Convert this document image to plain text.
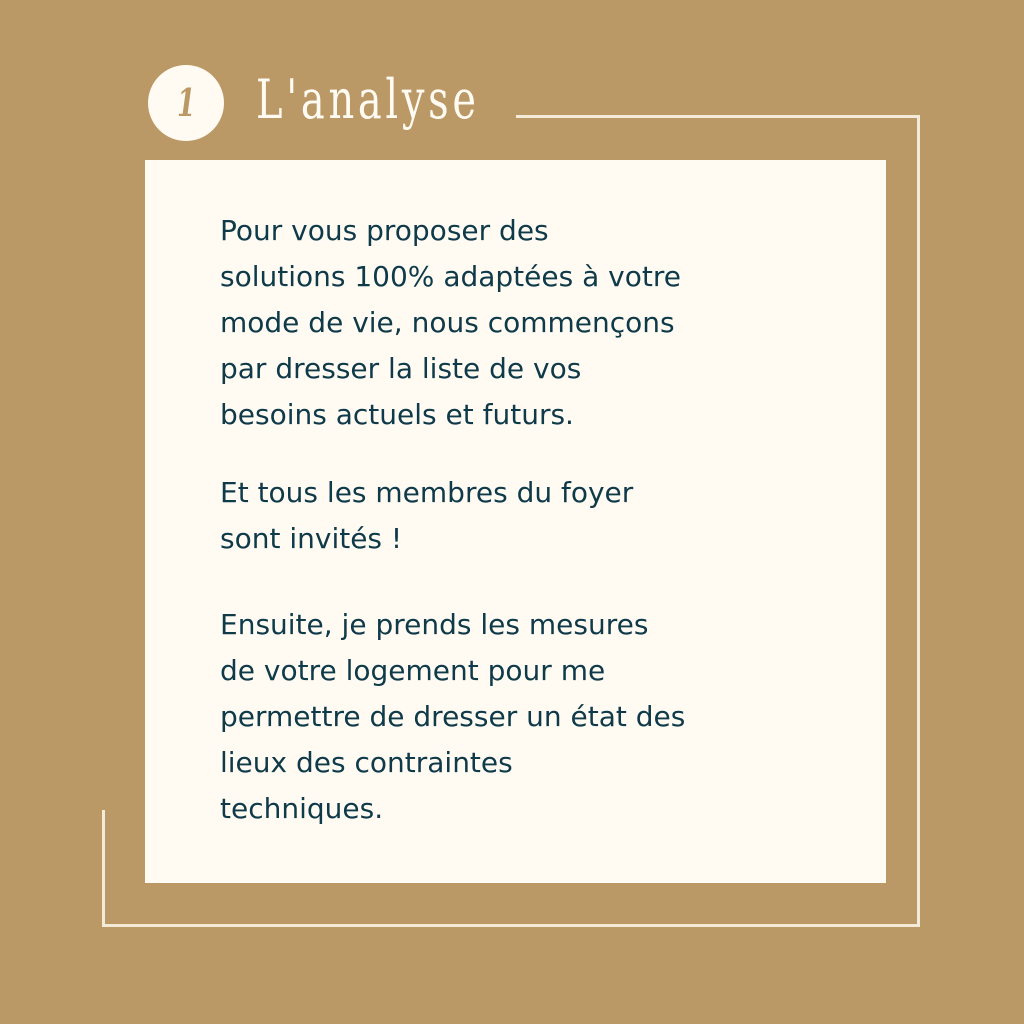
1 L'analyse

Pour vous proposer des
solutions 100% adaptées à votre
mode de vie, nous commençons
par dresser la liste de vos
besoins actuels et futurs.

Et tous les membres du foyer
sont invités !

Ensuite, je prends les mesures
de votre logement pour me
permettre de dresser un état des
lieux des contraintes
techniques.
